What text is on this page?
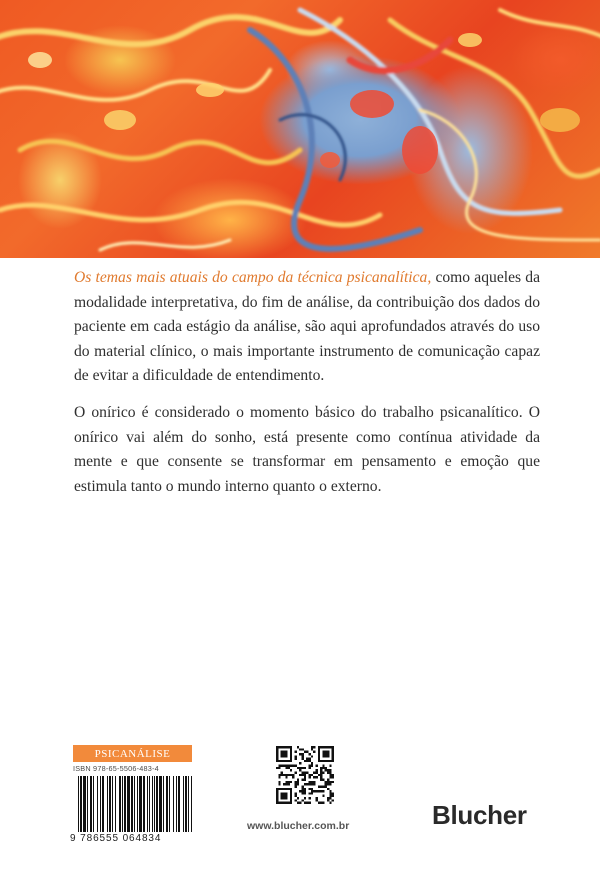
Os temas mais atuais do campo da técnica psicanalítica, como aqueles da modalidade interpretativa, do fim de análise, da contribuição dos dados do paciente em cada estágio da análise, são aqui aprofundados através do uso do material clínico, o mais importante instrumento de comunicação capaz de evitar a dificuldade de entendimento.

O onírico é considerado o momento básico do trabalho psicanalítico. O onírico vai além do sonho, está presente como contínua atividade da mente e que consente se transformar em pensamento e emoção que estimula tanto o mundo interno quanto o externo.

PSICANÁLISE
ISBN 978-65-5506-483-4
9 786555 064834
www.blucher.com.br	Blucher
